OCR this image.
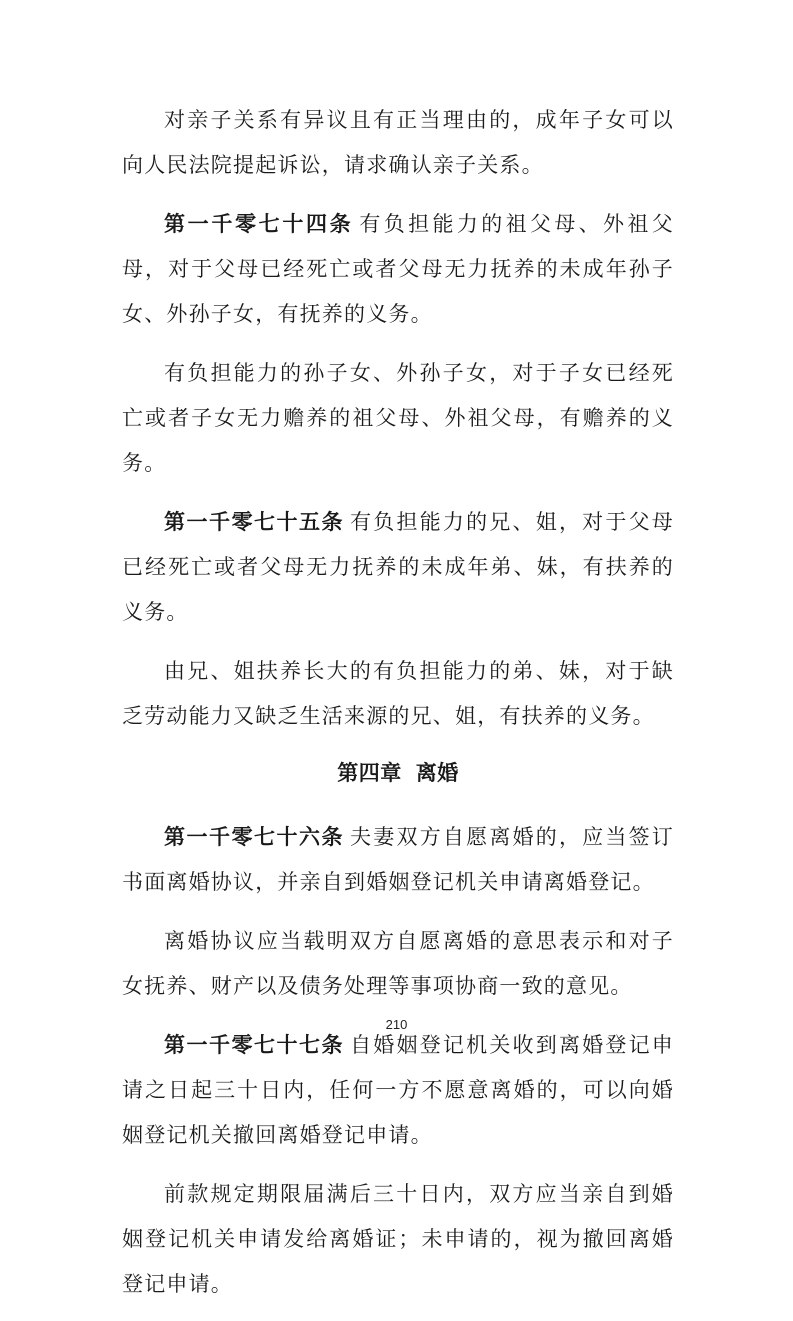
对亲子关系有异议且有正当理由的，成年子女可以向人民法院提起诉讼，请求确认亲子关系。

第一千零七十四条 有负担能力的祖父母、外祖父母，对于父母已经死亡或者父母无力抚养的未成年孙子女、外孙子女，有抚养的义务。

有负担能力的孙子女、外孙子女，对于子女已经死亡或者子女无力赡养的祖父母、外祖父母，有赡养的义务。

第一千零七十五条 有负担能力的兄、姐，对于父母已经死亡或者父母无力抚养的未成年弟、妹，有扶养的义务。

由兄、姐扶养长大的有负担能力的弟、妹，对于缺乏劳动能力又缺乏生活来源的兄、姐，有扶养的义务。

第四章 离婚

第一千零七十六条 夫妻双方自愿离婚的，应当签订书面离婚协议，并亲自到婚姻登记机关申请离婚登记。

离婚协议应当载明双方自愿离婚的意思表示和对子女抚养、财产以及债务处理等事项协商一致的意见。

第一千零七十七条 自婚姻登记机关收到离婚登记申请之日起三十日内，任何一方不愿意离婚的，可以向婚姻登记机关撤回离婚登记申请。

前款规定期限届满后三十日内，双方应当亲自到婚姻登记机关申请发给离婚证；未申请的，视为撤回离婚登记申请。

210
